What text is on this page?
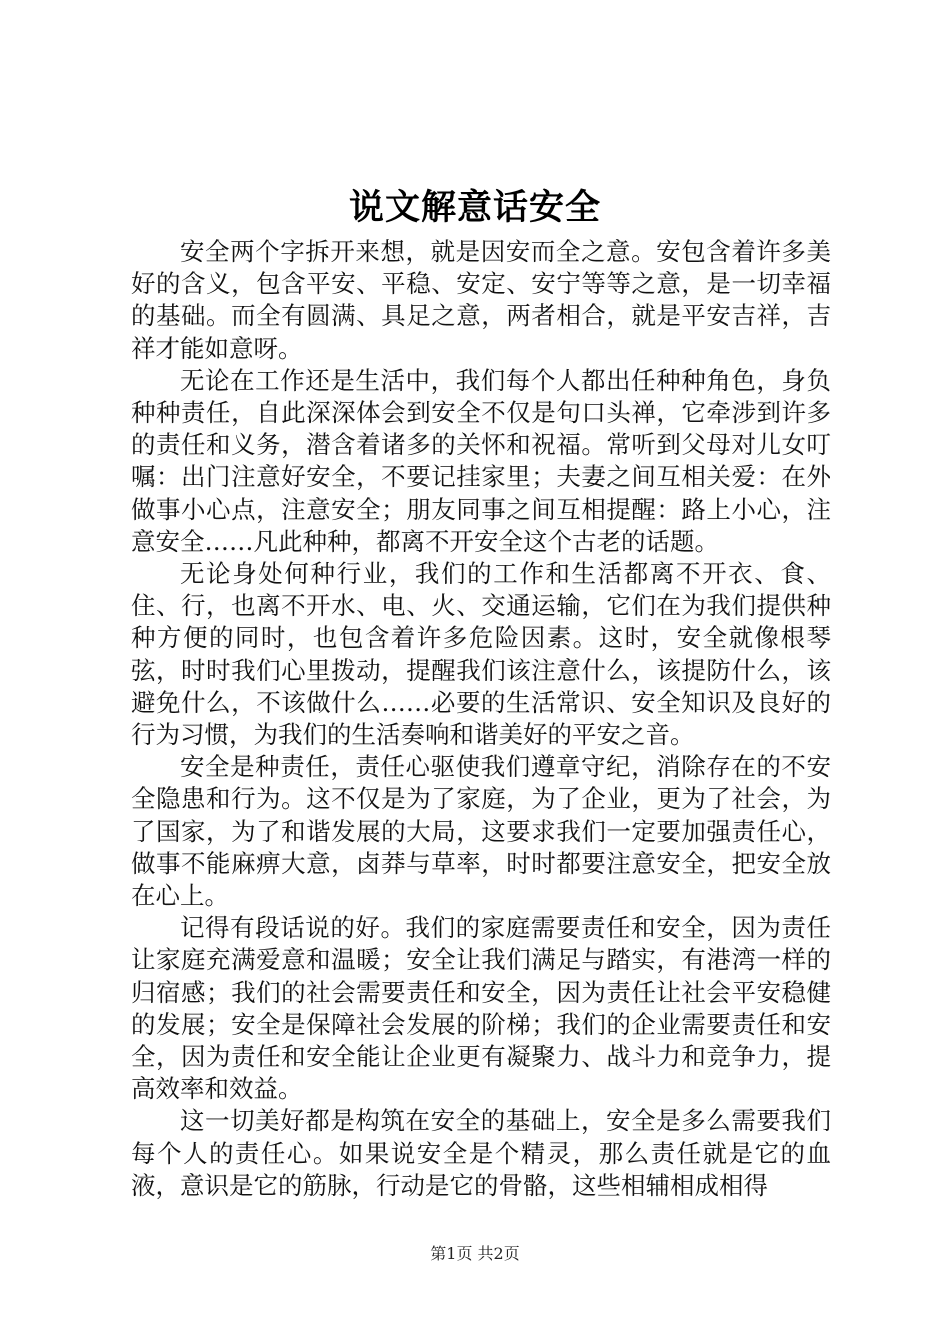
说文解意话安全

安全两个字拆开来想，就是因安而全之意。安包含着许多美好的含义，包含平安、平稳、安定、安宁等等之意，是一切幸福的基础。而全有圆满、具足之意，两者相合，就是平安吉祥，吉祥才能如意呀。

无论在工作还是生活中，我们每个人都出任种种角色，身负种种责任，自此深深体会到安全不仅是句口头禅，它牵涉到许多的责任和义务，潜含着诸多的关怀和祝福。常听到父母对儿女叮嘱：出门注意好安全，不要记挂家里；夫妻之间互相关爱：在外做事小心点，注意安全；朋友同事之间互相提醒：路上小心，注意安全……凡此种种，都离不开安全这个古老的话题。

无论身处何种行业，我们的工作和生活都离不开衣、食、住、行，也离不开水、电、火、交通运输，它们在为我们提供种种方便的同时，也包含着许多危险因素。这时，安全就像根琴弦，时时我们心里拨动，提醒我们该注意什么，该提防什么，该避免什么，不该做什么……必要的生活常识、安全知识及良好的行为习惯，为我们的生活奏响和谐美好的平安之音。

安全是种责任，责任心驱使我们遵章守纪，消除存在的不安全隐患和行为。这不仅是为了家庭，为了企业，更为了社会，为了国家，为了和谐发展的大局，这要求我们一定要加强责任心，做事不能麻痹大意，卤莽与草率，时时都要注意安全，把安全放在心上。

记得有段话说的好。我们的家庭需要责任和安全，因为责任让家庭充满爱意和温暖；安全让我们满足与踏实，有港湾一样的归宿感；我们的社会需要责任和安全，因为责任让社会平安稳健的发展；安全是保障社会发展的阶梯；我们的企业需要责任和安全，因为责任和安全能让企业更有凝聚力、战斗力和竞争力，提高效率和效益。

这一切美好都是构筑在安全的基础上，安全是多么需要我们每个人的责任心。如果说安全是个精灵，那么责任就是它的血液，意识是它的筋脉，行动是它的骨骼，这些相辅相成相得

第1页 共2页
